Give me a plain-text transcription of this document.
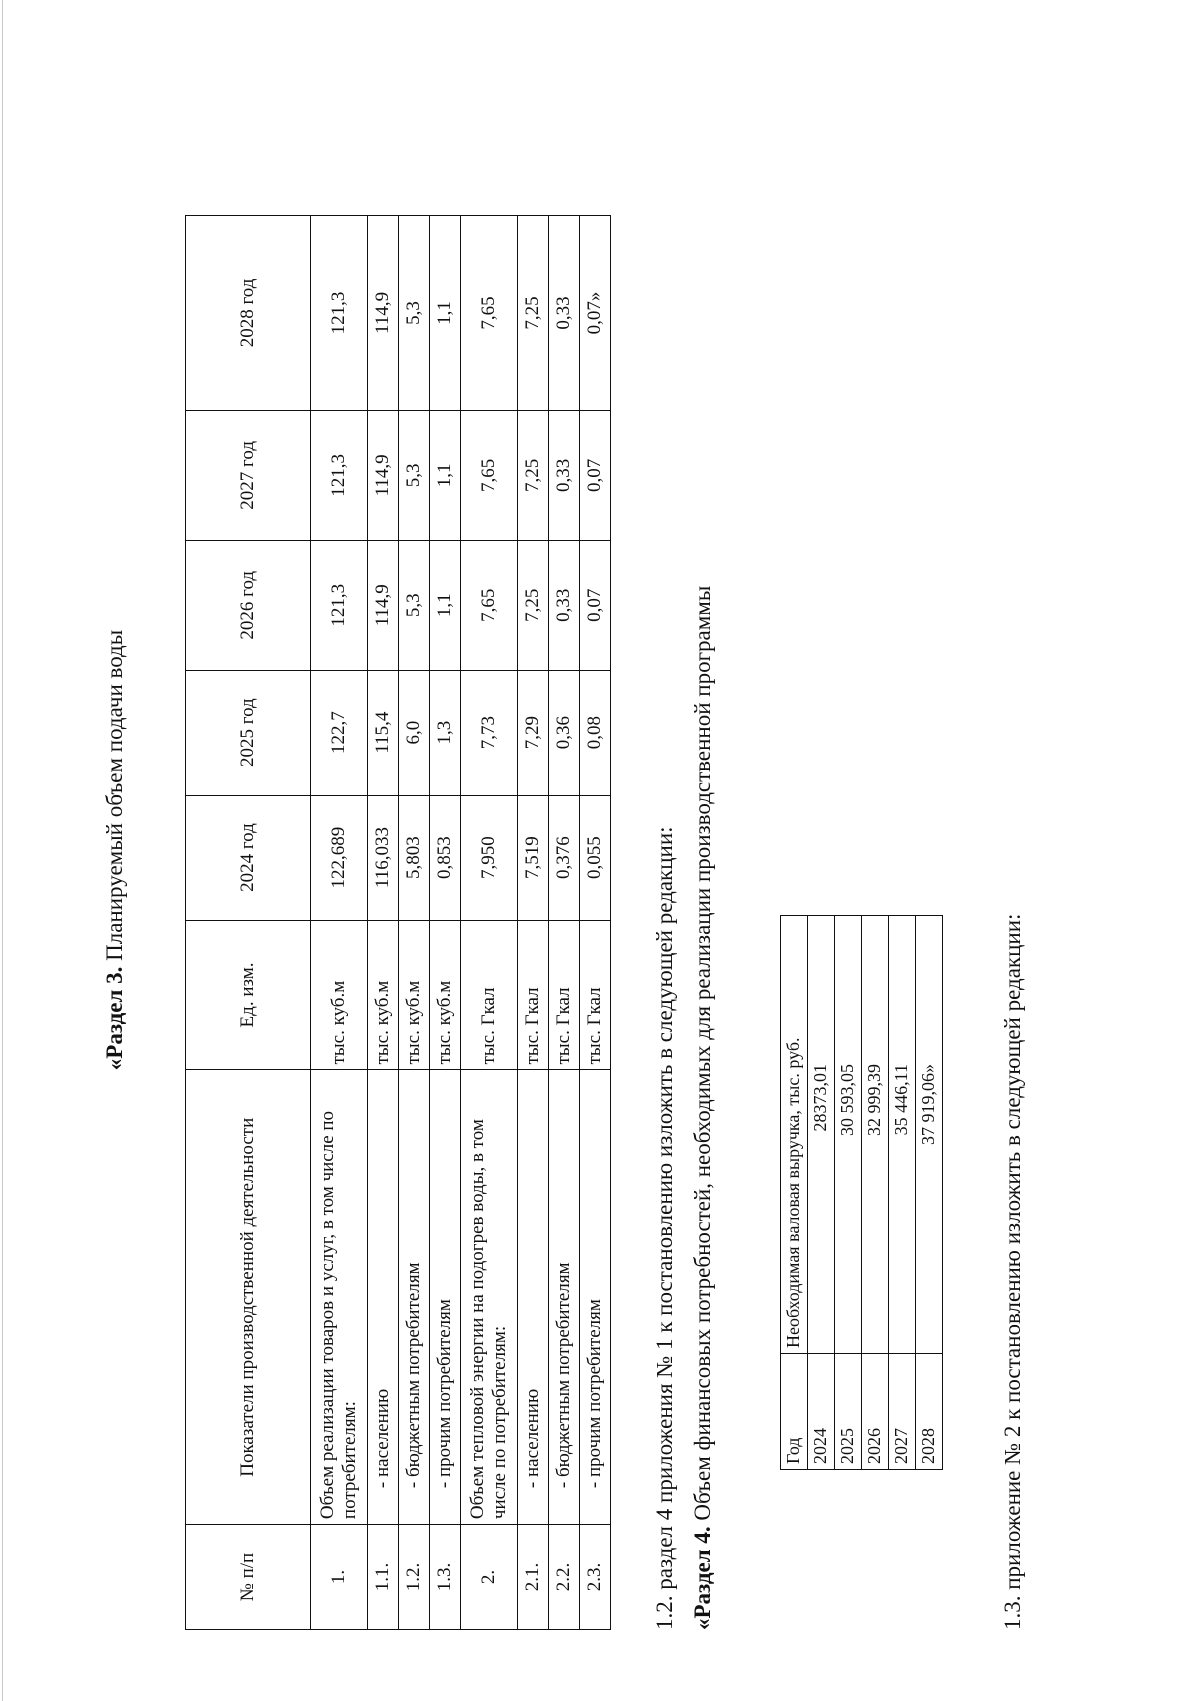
«Раздел 3. Планируемый объем подачи воды
№ п/п	Показатели производственной деятельности	Ед. изм.	2024 год	2025 год	2026 год	2027 год	2028 год
1.	Объем реализации товаров и услуг, в том числе по потребителям:	тыс. куб.м	122,689	122,7	121,3	121,3	121,3
1.1.	- населению	тыс. куб.м	116,033	115,4	114,9	114,9	114,9
1.2.	- бюджетным потребителям	тыс. куб.м	5,803	6,0	5,3	5,3	5,3
1.3.	- прочим потребителям	тыс. куб.м	0,853	1,3	1,1	1,1	1,1
2.	Объем тепловой энергии на подогрев воды, в том числе по потребителям:	тыс. Гкал	7,950	7,73	7,65	7,65	7,65
2.1.	- населению	тыс. Гкал	7,519	7,29	7,25	7,25	7,25
2.2.	- бюджетным потребителям	тыс. Гкал	0,376	0,36	0,33	0,33	0,33
2.3.	- прочим потребителям	тыс. Гкал	0,055	0,08	0,07	0,07	0,07»
1.2. раздел 4 приложения № 1 к постановлению изложить в следующей редакции: «Раздел 4. Объем финансовых потребностей, необходимых для реализации производственной программы	Год	Необходимая валовая выручка, тыс. руб.
2024	28373,01
2025	30 593,05
2026	32 999,39
2027	35 446,11
2028	37 919,06»	1.3. приложение № 2 к постановлению изложить в следующей редакции:
